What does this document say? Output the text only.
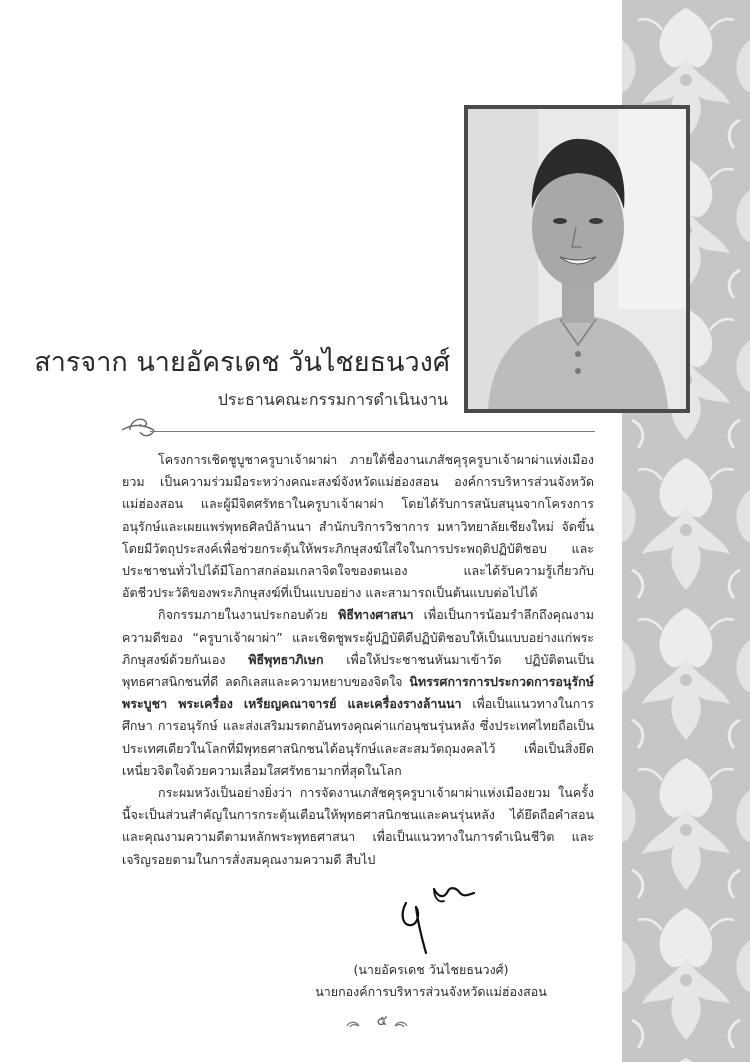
สารจาก นายอัครเดช วันไชยธนวงศ์
ประธานคณะกรรมการดำเนินงาน

โครงการเชิดชูบูชาครูบาเจ้าผาผ่า ภายใต้ชื่องานเภสัชคุรุครูบาเจ้าผาผ่าแห่งเมืองยวม เป็นความร่วมมือระหว่างคณะสงฆ์จังหวัดแม่ฮ่องสอน องค์การบริหารส่วนจังหวัดแม่ฮ่องสอน และผู้มีจิตศรัทธาในครูบาเจ้าผาผ่า โดยได้รับการสนับสนุนจากโครงการอนุรักษ์และเผยแพร่พุทธศิลป์ล้านนา สำนักบริการวิชาการ มหาวิทยาลัยเชียงใหม่ จัดขึ้นโดยมีวัตถุประสงค์เพื่อช่วยกระตุ้นให้พระภิกษุสงฆ์ใส่ใจในการประพฤติปฏิบัติชอบ และประชาชนทั่วไปได้มีโอกาสกล่อมเกลาจิตใจของตนเอง และได้รับความรู้เกี่ยวกับอัตชีวประวัติของพระภิกษุสงฆ์ที่เป็นแบบอย่าง และสามารถเป็นต้นแบบต่อไปได้

กิจกรรมภายในงานประกอบด้วย พิธีทางศาสนา เพื่อเป็นการน้อมรำลึกถึงคุณงามความดีของ “ครูบาเจ้าผาผ่า” และเชิดชูพระผู้ปฏิบัติดีปฏิบัติชอบให้เป็นแบบอย่างแก่พระภิกษุสงฆ์ด้วยกันเอง พิธีพุทธาภิเษก เพื่อให้ประชาชนหันมาเข้าวัด ปฏิบัติตนเป็นพุทธศาสนิกชนที่ดี ลดกิเลสและความหยาบของจิตใจ นิทรรศการการประกวดการอนุรักษ์พระบูชา พระเครื่อง เหรียญคณาจารย์ และเครื่องรางล้านนา เพื่อเป็นแนวทางในการศึกษา การอนุรักษ์ และส่งเสริมมรดกอันทรงคุณค่าแก่อนุชนรุ่นหลัง ซึ่งประเทศไทยถือเป็นประเทศเดียวในโลกที่มีพุทธศาสนิกชนได้อนุรักษ์และสะสมวัตถุมงคลไว้ เพื่อเป็นสิ่งยึดเหนี่ยวจิตใจด้วยความเลื่อมใสศรัทธามากที่สุดในโลก

กระผมหวังเป็นอย่างยิ่งว่า การจัดงานเภสัชคุรุครูบาเจ้าผาผ่าแห่งเมืองยวม ในครั้งนี้จะเป็นส่วนสำคัญในการกระตุ้นเตือนให้พุทธศาสนิกชนและคนรุ่นหลัง ได้ยึดถือคำสอนและคุณงามความดีตามหลักพระพุทธศาสนา เพื่อเป็นแนวทางในการดำเนินชีวิต และเจริญรอยตามในการสั่งสมคุณงามความดี สืบไป

(นายอัครเดช วันไชยธนวงศ์)
นายกองค์การบริหารส่วนจังหวัดแม่ฮ่องสอน
๕
